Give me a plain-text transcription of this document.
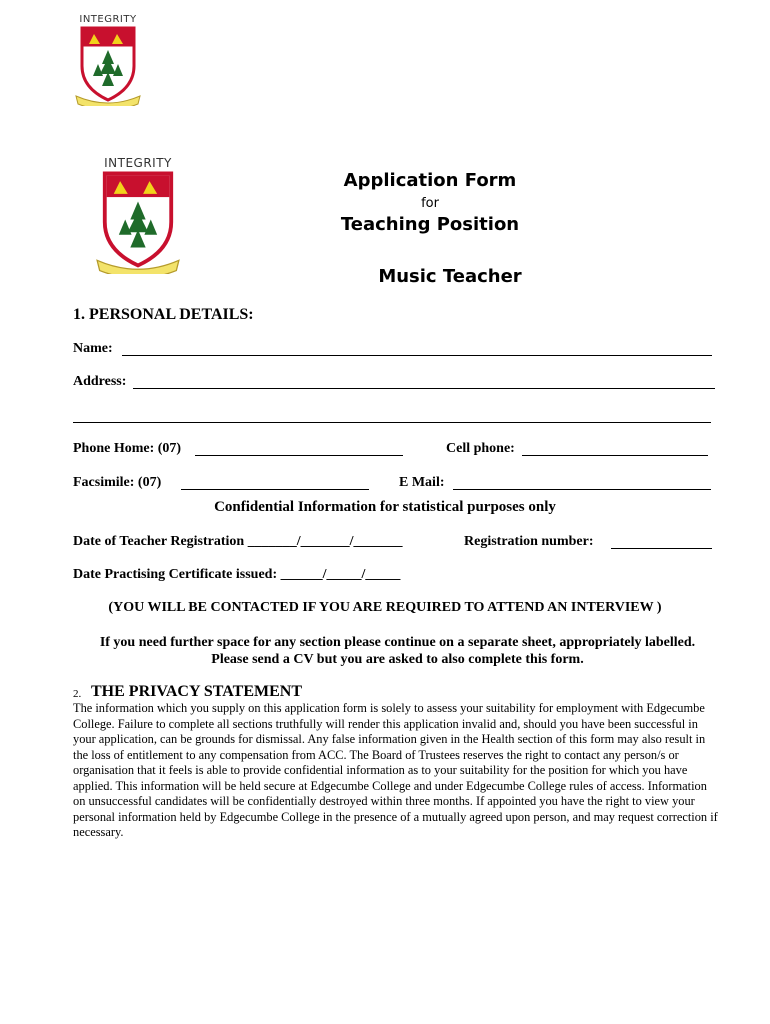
INTEGRITY
INTEGRITY
Application Form
for
Teaching Position
Music Teacher
1. PERSONAL DETAILS:
Name:
Address:
Phone Home: (07)	Cell phone:
Facsimile: (07)	E Mail:
Confidential Information for statistical purposes only
Date of Teacher Registration _______/_______/_______	Registration number:
Date Practising Certificate issued: ______/_____/_____
(YOU WILL BE CONTACTED IF YOU ARE REQUIRED TO ATTEND AN INTERVIEW )
If you need further space for any section please continue on a separate sheet, appropriately labelled. Please send a CV but you are asked to also complete this form.
2. THE PRIVACY STATEMENT
The information which you supply on this application form is solely to assess your suitability for employment with Edgecumbe College. Failure to complete all sections truthfully will render this application invalid and, should you have been successful in your application, can be grounds for dismissal. Any false information given in the Health section of this form may also result in the loss of entitlement to any compensation from ACC. The Board of Trustees reserves the right to contact any person/s or organisation that it feels is able to provide confidential information as to your suitability for the position for which you have applied. This information will be held secure at Edgecumbe College and under Edgecumbe College rules of access. Information on unsuccessful candidates will be confidentially destroyed within three months. If appointed you have the right to view your personal information held by Edgecumbe College in the presence of a mutually agreed upon person, and may request correction if necessary.
